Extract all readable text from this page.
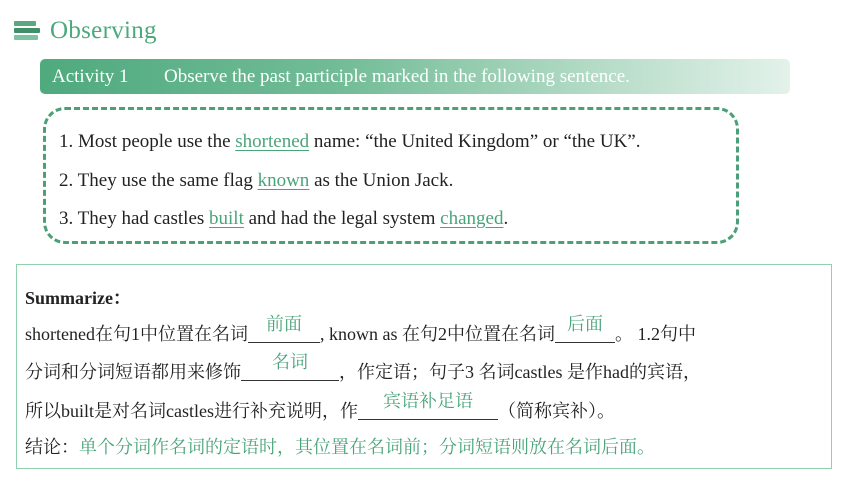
Observing
Activity 1	Observe the past participle marked in the following sentence.
1. Most people use the shortened name: “the United Kingdom” or “the UK”.
2. They use the same flag known as the Union Jack.
3. They had castles built and had the legal system changed.
Summarize：
shortened在句1中位置在名词	前面	, known as 在句2中位置在名词 后面 。 1.2句中
分词和分词短语都用来修饰	名词	，作定语；句子3 名词castles 是作had的宾语，
所以built是对名词castles进行补充说明，作	宾语补足语	（简称宾补）。
结论：单个分词作名词的定语时，其位置在名词前；分词短语则放在名词后面。
